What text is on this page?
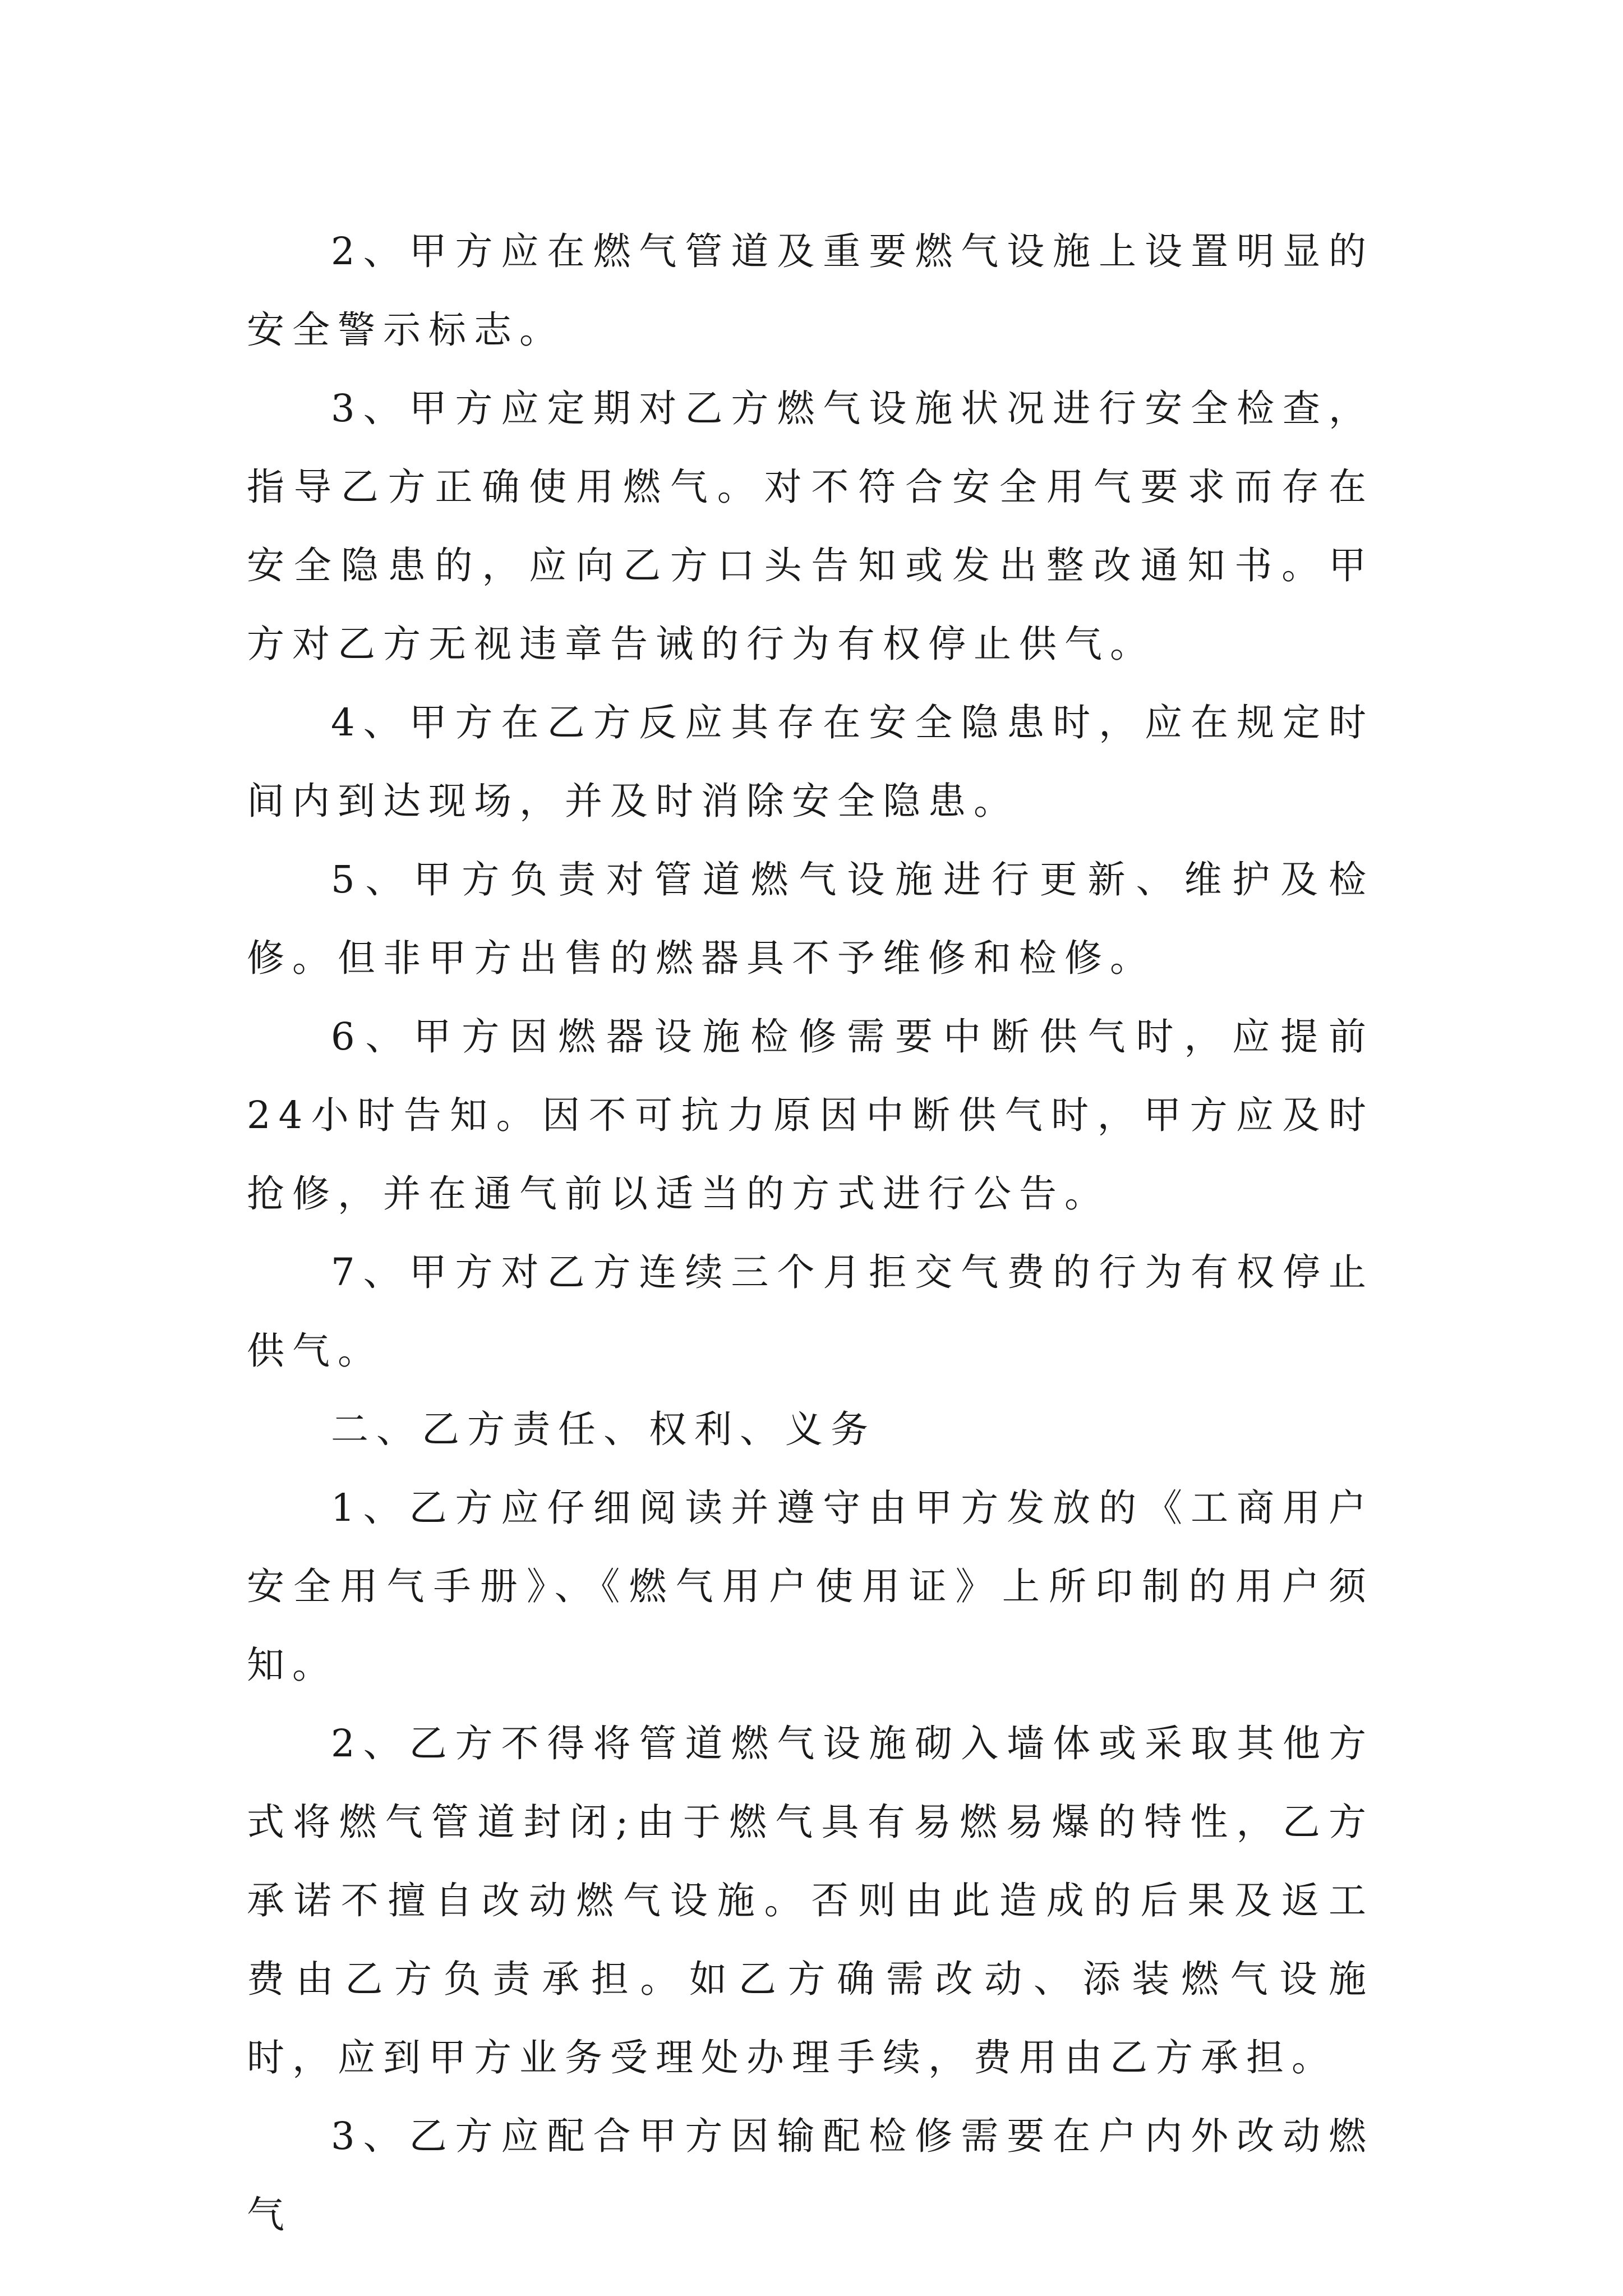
2、甲方应在燃气管道及重要燃气设施上设置明显的安全警示标志。

3、甲方应定期对乙方燃气设施状况进行安全检查，指导乙方正确使用燃气。对不符合安全用气要求而存在安全隐患的，应向乙方口头告知或发出整改通知书。甲方对乙方无视违章告诫的行为有权停止供气。

4、甲方在乙方反应其存在安全隐患时，应在规定时间内到达现场，并及时消除安全隐患。

5、甲方负责对管道燃气设施进行更新、维护及检修。但非甲方出售的燃器具不予维修和检修。

6、甲方因燃器设施检修需要中断供气时，应提前24小时告知。因不可抗力原因中断供气时，甲方应及时抢修，并在通气前以适当的方式进行公告。

7、甲方对乙方连续三个月拒交气费的行为有权停止供气。

二、乙方责任、权利、义务

1、乙方应仔细阅读并遵守由甲方发放的《工商用户安全用气手册》、《燃气用户使用证》上所印制的用户须知。

2、乙方不得将管道燃气设施砌入墙体或采取其他方式将燃气管道封闭;由于燃气具有易燃易爆的特性，乙方承诺不擅自改动燃气设施。否则由此造成的后果及返工费由乙方负责承担。如乙方确需改动、添装燃气设施时，应到甲方业务受理处办理手续，费用由乙方承担。

3、乙方应配合甲方因输配检修需要在户内外改动燃气
